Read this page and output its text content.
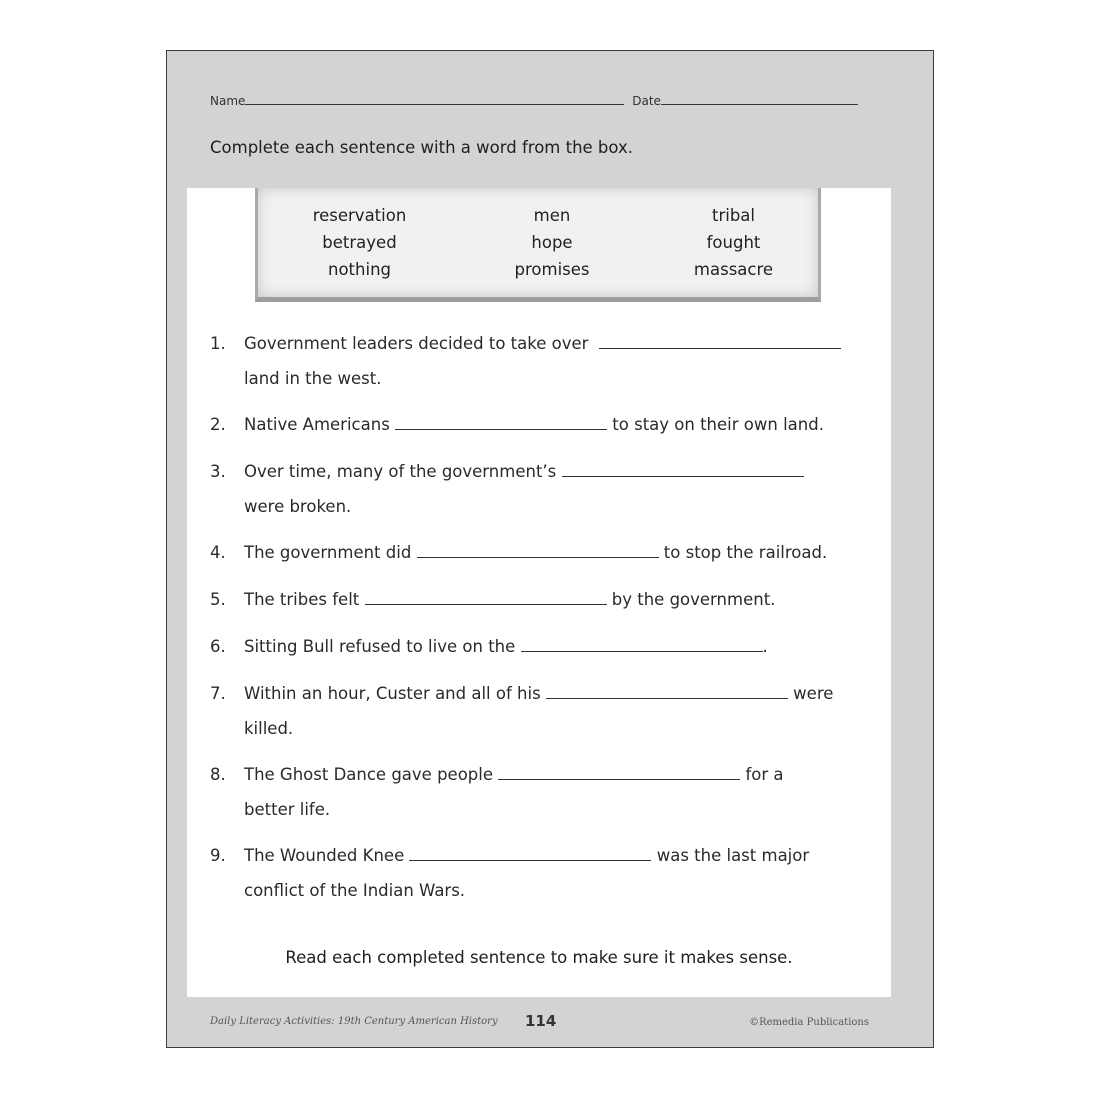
Name	Date
Complete each sentence with a word from the box.
reservation	men	tribal
betrayed	hope	fought
nothing	promises	massacre
1.	Government leaders decided to take over
land in the west.
2.	Native Americans	to stay on their own land.
3.	Over time, many of the government’s
were broken.
4.	The government did	to stop the railroad.
5.	The tribes felt	by the government.
6.	Sitting Bull refused to live on the	.
7.	Within an hour, Custer and all of his	were
killed.
8.	The Ghost Dance gave people	for a
better life.
9.	The Wounded Knee	was the last major
conflict of the Indian Wars.
Read each completed sentence to make sure it makes sense.
Daily Literacy Activities: 19th Century American History 114	©Remedia Publications
